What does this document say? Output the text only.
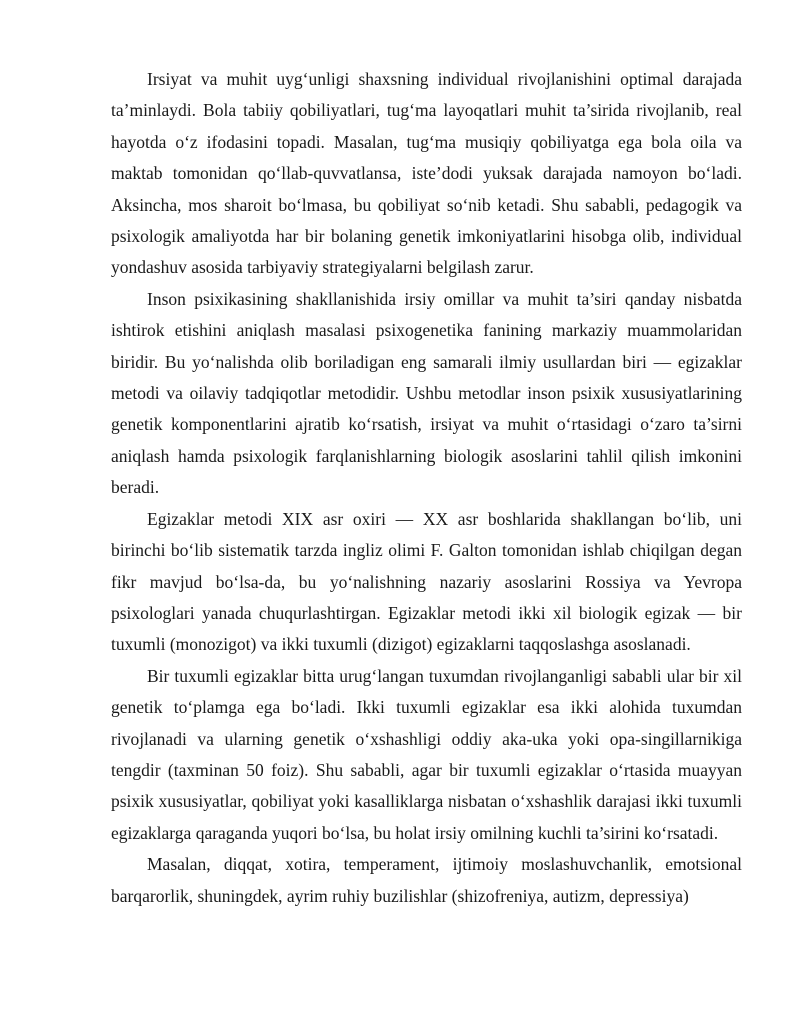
Irsiyat va muhit uyg‘unligi shaxsning individual rivojlanishini optimal darajada ta’minlaydi. Bola tabiiy qobiliyatlari, tug‘ma layoqatlari muhit ta’sirida rivojlanib, real hayotda o‘z ifodasini topadi. Masalan, tug‘ma musiqiy qobiliyatga ega bola oila va maktab tomonidan qo‘llab-quvvatlansa, iste’dodi yuksak darajada namoyon bo‘ladi. Aksincha, mos sharoit bo‘lmasa, bu qobiliyat so‘nib ketadi. Shu sababli, pedagogik va psixologik amaliyotda har bir bolaning genetik imkoniyatlarini hisobga olib, individual yondashuv asosida tarbiyaviy strategiyalarni belgilash zarur.

Inson psixikasining shakllanishida irsiy omillar va muhit ta’siri qanday nisbatda ishtirok etishini aniqlash masalasi psixogenetika fanining markaziy muammolaridan biridir. Bu yo‘nalishda olib boriladigan eng samarali ilmiy usullardan biri — egizaklar metodi va oilaviy tadqiqotlar metodidir. Ushbu metodlar inson psixik xususiyatlarining genetik komponentlarini ajratib ko‘rsatish, irsiyat va muhit o‘rtasidagi o‘zaro ta’sirni aniqlash hamda psixologik farqlanishlarning biologik asoslarini tahlil qilish imkonini beradi.

Egizaklar metodi XIX asr oxiri — XX asr boshlarida shakllangan bo‘lib, uni birinchi bo‘lib sistematik tarzda ingliz olimi F. Galton tomonidan ishlab chiqilgan degan fikr mavjud bo‘lsa-da, bu yo‘nalishning nazariy asoslarini Rossiya va Yevropa psixologlari yanada chuqurlashtirgan. Egizaklar metodi ikki xil biologik egizak — bir tuxumli (monozigot) va ikki tuxumli (dizigot) egizaklarni taqqoslashga asoslanadi.

Bir tuxumli egizaklar bitta urug‘langan tuxumdan rivojlanganligi sababli ular bir xil genetik to‘plamga ega bo‘ladi. Ikki tuxumli egizaklar esa ikki alohida tuxumdan rivojlanadi va ularning genetik o‘xshashligi oddiy aka-uka yoki opa-singillarnikiga tengdir (taxminan 50 foiz). Shu sababli, agar bir tuxumli egizaklar o‘rtasida muayyan psixik xususiyatlar, qobiliyat yoki kasalliklarga nisbatan o‘xshashlik darajasi ikki tuxumli egizaklarga qaraganda yuqori bo‘lsa, bu holat irsiy omilning kuchli ta’sirini ko‘rsatadi.

Masalan, diqqat, xotira, temperament, ijtimoiy moslashuvchanlik, emotsional barqarorlik, shuningdek, ayrim ruhiy buzilishlar (shizofreniya, autizm, depressiya)
